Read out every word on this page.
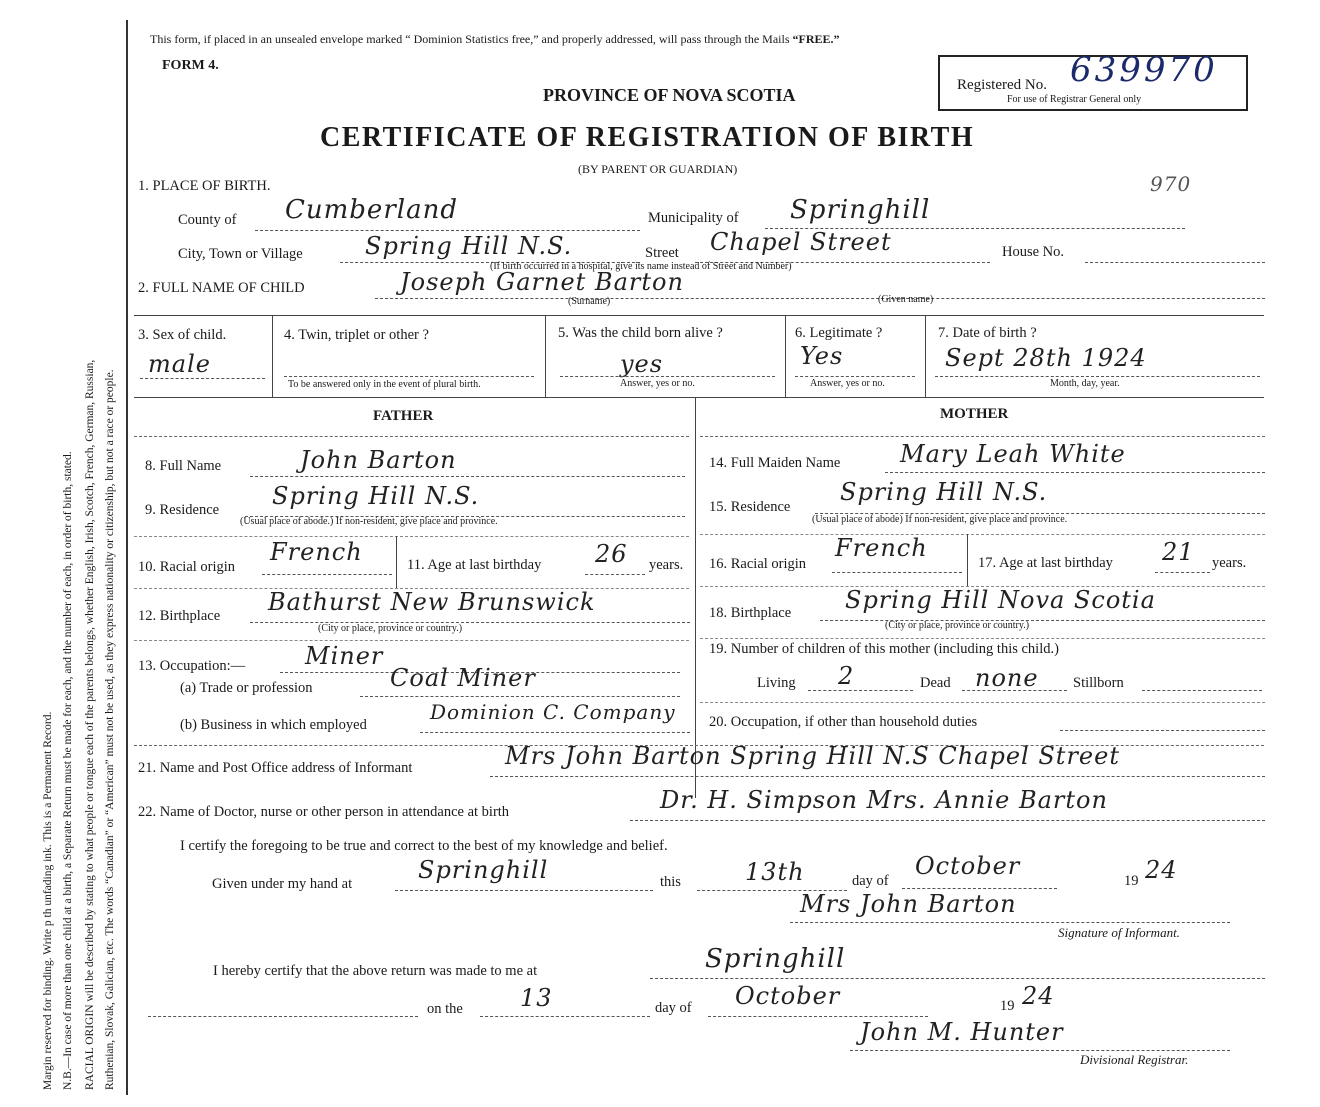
Margin reserved for binding. Write p th unfading ink. This is a Permanent Record. N.B.—In case of more than one child at a birth, a Separate Return must be made for each, and the number of each, in order of birth, stated. RACIAL ORIGIN will be described by stating to what people or tongue each of the parents belongs, whether English, Irish, Scotch, French, German, Russian, Ruthenian, Slovak, Galician, etc. The words “Canadian” or “American” must not be used, as they express nationality or citizenship, but not a race or people.
This form, if placed in an unsealed envelope marked “ Dominion Statistics free,” and properly addressed, will pass through the Mails “FREE.”
FORM 4.
PROVINCE OF NOVA SCOTIA
CERTIFICATE OF REGISTRATION OF BIRTH
(BY PARENT OR GUARDIAN)
Registered No. 639970
For use of Registrar General only
970
1. PLACE OF BIRTH.
County of Cumberland	Municipality of Springhill
City, Town or Village	Spring Hill N.S.	Street Chapel Street	House No.
(If birth occurred in a hospital, give its name instead of Street and Number)
2. FULL NAME OF CHILD	Joseph Garnet Barton
(Surname)	(Given name)
3. Sex of child.
male
4. Twin, triplet or other ?
To be answered only in the event of plural birth.
5. Was the child born alive ?
yes
Answer, yes or no.
6. Legitimate ?
Yes
Answer, yes or no.
7. Date of birth ?
Sept 28th 1924
Month, day, year.
FATHER	MOTHER
8. Full Name	John Barton
9. Residence Spring Hill N.S.
(Usual place of abode.) If non-resident, give place and province.
10. Racial origin
French	11. Age at last birthday 26 years.
12. Birthplace Bathurst New Brunswick
(City or place, province or country.)
13. Occupation:— Miner
(a) Trade or profession	Coal Miner
(b) Business in which employed
Dominion C. Company
14. Full Maiden Name Mary Leah White
15. Residence
Spring Hill N.S.
(Usual place of abode) If non-resident, give place and province.
16. Racial origin
French
17. Age at last birthday 21 years.
18. Birthplace Spring Hill Nova Scotia
(City or place, province or country.)
19. Number of children of this mother (including this child.)
Living 2	Dead none Stillborn
20. Occupation, if other than household duties
21. Name and Post Office address of Informant	Mrs John Barton Spring Hill N.S Chapel Street
22. Name of Doctor, nurse or other person in attendance at birth	Dr. H. Simpson Mrs. Annie Barton
I certify the foregoing to be true and correct to the best of my knowledge and belief.
Given under my hand at	Springhill	this	13th	day of
October
19 24
Mrs John Barton
Signature of Informant.
I hereby certify that the above return was made to me at	Springhill
on the 13	day of October	19 24
John M. Hunter
Divisional Registrar.
